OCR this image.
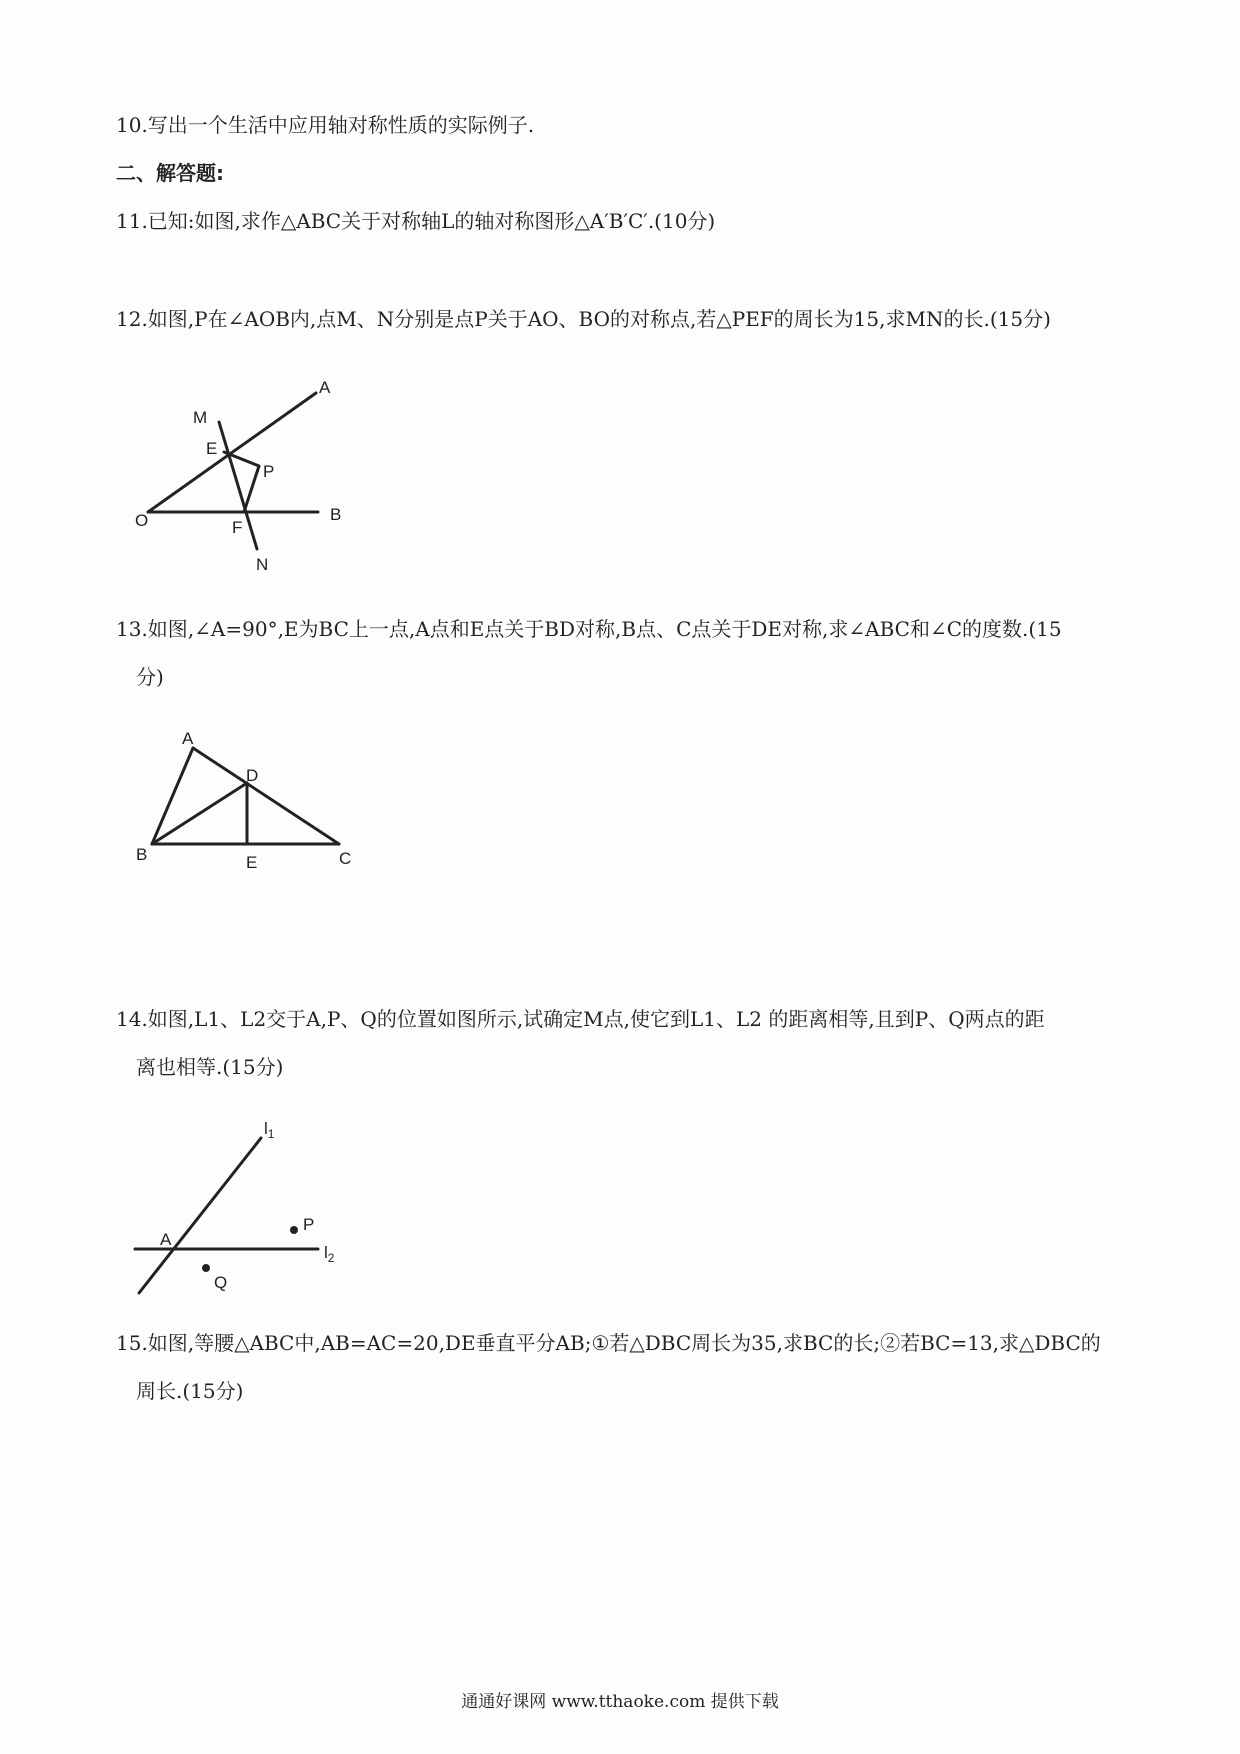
10.写出一个生活中应用轴对称性质的实际例子.
二、解答题:
11.已知:如图,求作△ABC关于对称轴L的轴对称图形△A′B′C′.(10分)
12.如图,P在∠AOB内,点M、N分别是点P关于AO、BO的对称点,若△PEF的周长为15,求MN的长.(15分)
A
M
E
P
O	F
B
N
13.如图,∠A=90°,E为BC上一点,A点和E点关于BD对称,B点、C点关于DE对称,求∠ABC和∠C的度数.(15
分)
A
D
B	E	C
14.如图,L1、L2交于A,P、Q的位置如图所示,试确定M点,使它到L1、L2 的距离相等,且到P、Q两点的距
离也相等.(15分)
$l_1$
$l_2$
A
P
Q
15.如图,等腰△ABC中,AB=AC=20,DE垂直平分AB;①若△DBC周长为35,求BC的长;②若BC=13,求△DBC的
周长.(15分)
通通好课网 www.tthaoke.com 提供下载
